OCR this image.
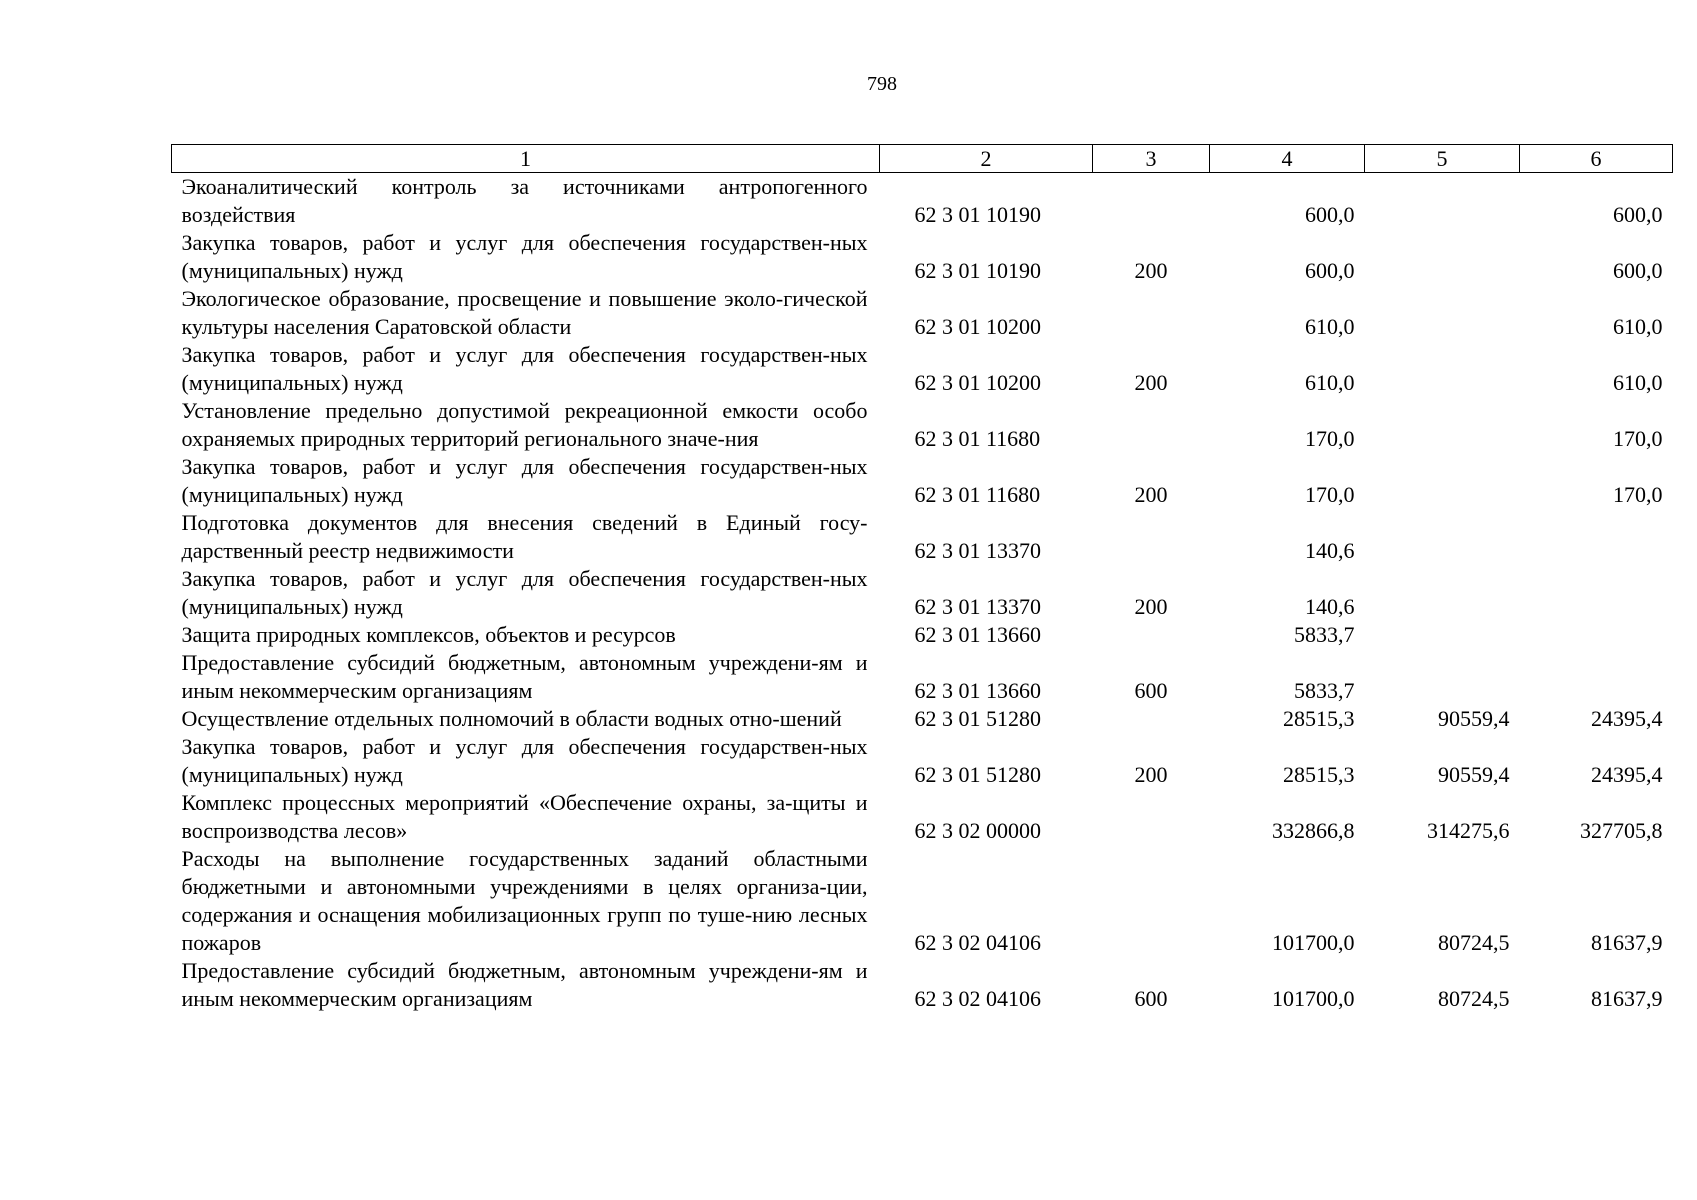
798
1	2	3	4	5	6
Экоаналитический контроль за источниками антропогенного воздействия	62 3 01 10190		600,0		600,0
Закупка товаров, работ и услуг для обеспечения государствен-ных (муниципальных) нужд	62 3 01 10190	200	600,0		600,0
Экологическое образование, просвещение и повышение эколо-гической культуры населения Саратовской области	62 3 01 10200		610,0		610,0
Закупка товаров, работ и услуг для обеспечения государствен-ных (муниципальных) нужд	62 3 01 10200	200	610,0		610,0
Установление предельно допустимой рекреационной емкости особо охраняемых природных территорий регионального значе-ния	62 3 01 11680		170,0		170,0
Закупка товаров, работ и услуг для обеспечения государствен-ных (муниципальных) нужд	62 3 01 11680	200	170,0		170,0
Подготовка документов для внесения сведений в Единый госу-дарственный реестр недвижимости	62 3 01 13370		140,6		
Закупка товаров, работ и услуг для обеспечения государствен-ных (муниципальных) нужд	62 3 01 13370	200	140,6		
Защита природных комплексов, объектов и ресурсов	62 3 01 13660		5833,7		
Предоставление субсидий бюджетным, автономным учреждени-ям и иным некоммерческим организациям	62 3 01 13660	600	5833,7		
Осуществление отдельных полномочий в области водных отно-шений	62 3 01 51280		28515,3	90559,4	24395,4
Закупка товаров, работ и услуг для обеспечения государствен-ных (муниципальных) нужд	62 3 01 51280	200	28515,3	90559,4	24395,4
Комплекс процессных мероприятий «Обеспечение охраны, за-щиты и воспроизводства лесов»	62 3 02 00000		332866,8	314275,6	327705,8
Расходы на выполнение государственных заданий областными бюджетными и автономными учреждениями в целях организа-ции, содержания и оснащения мобилизационных групп по туше-нию лесных пожаров	62 3 02 04106		101700,0	80724,5	81637,9
Предоставление субсидий бюджетным, автономным учреждени-ям и иным некоммерческим организациям	62 3 02 04106	600	101700,0	80724,5	81637,9
